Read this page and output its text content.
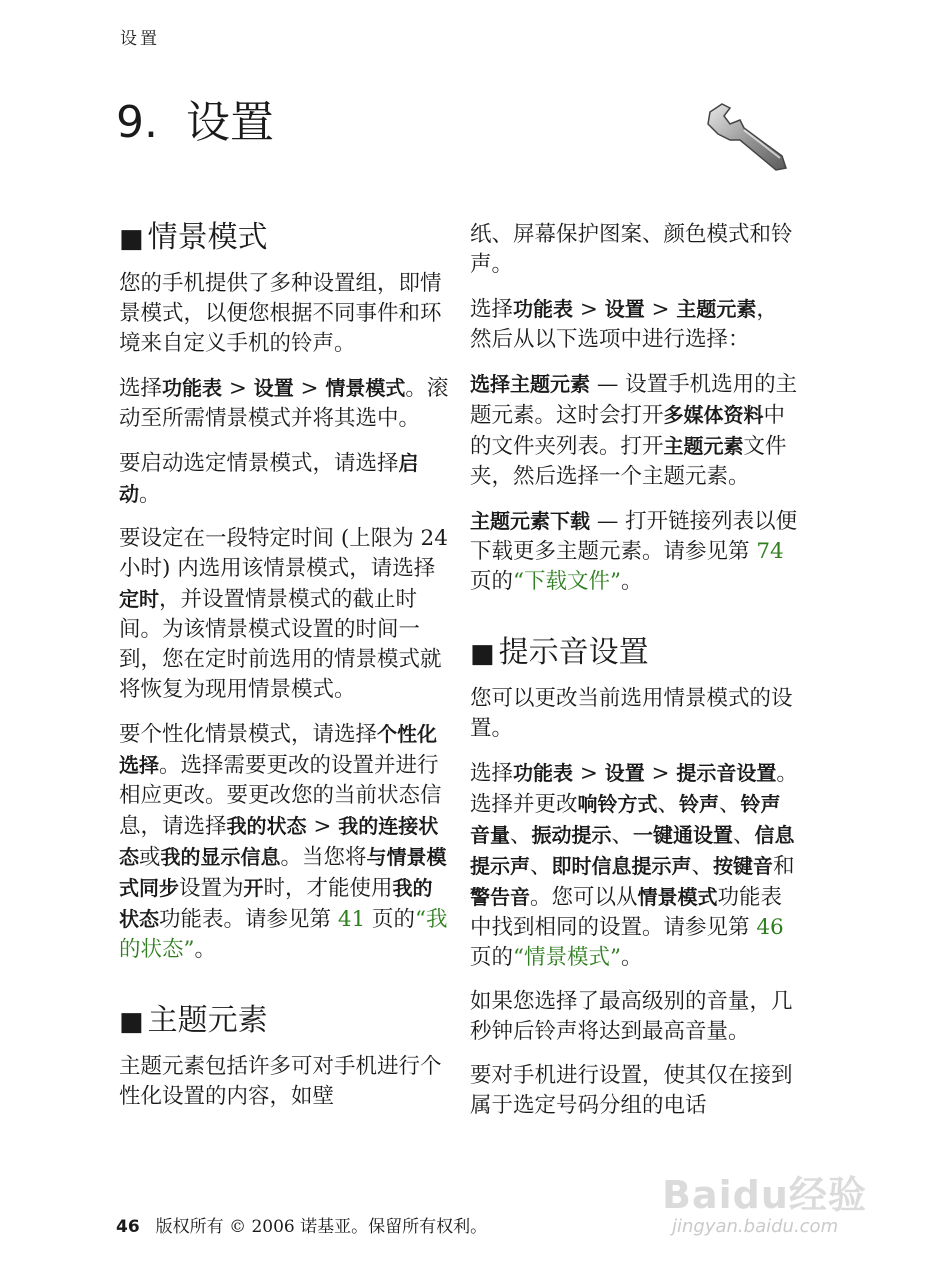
设置
9. 设置
■ 情景模式

您的手机提供了多种设置组，即情景模式，以便您根据不同事件和环境来自定义手机的铃声。

选择功能表 > 设置 > 情景模式。滚动至所需情景模式并将其选中。

要启动选定情景模式，请选择启动。

要设定在一段特定时间 (上限为 24 小时) 内选用该情景模式，请选择定时，并设置情景模式的截止时间。为该情景模式设置的时间一到，您在定时前选用的情景模式就将恢复为现用情景模式。

要个性化情景模式，请选择个性化选择。选择需要更改的设置并进行相应更改。要更改您的当前状态信息，请选择我的状态 > 我的连接状态或我的显示信息。当您将与情景模式同步设置为开时，才能使用我的状态功能表。请参见第 41 页的“我的状态”。

■ 主题元素

主题元素包括许多可对手机进行个性化设置的内容，如壁

纸、屏幕保护图案、颜色模式和铃声。

选择功能表 > 设置 > 主题元素，然后从以下选项中进行选择：

选择主题元素 — 设置手机选用的主题元素。这时会打开多媒体资料中的文件夹列表。打开主题元素文件夹，然后选择一个主题元素。

主题元素下载 — 打开链接列表以便下载更多主题元素。请参见第 74 页的“下载文件”。

■ 提示音设置

您可以更改当前选用情景模式的设置。

选择功能表 > 设置 > 提示音设置。选择并更改响铃方式、铃声、铃声音量、振动提示、一键通设置、信息提示声、即时信息提示声、按键音和警告音。您可以从情景模式功能表中找到相同的设置。请参见第 46 页的“情景模式”。

如果您选择了最高级别的音量，几秒钟后铃声将达到最高音量。

要对手机进行设置，使其仅在接到属于选定号码分组的电话

46 版权所有 © 2006 诺基亚。保留所有权利。
Baidu经验
jingyan.baidu.com
